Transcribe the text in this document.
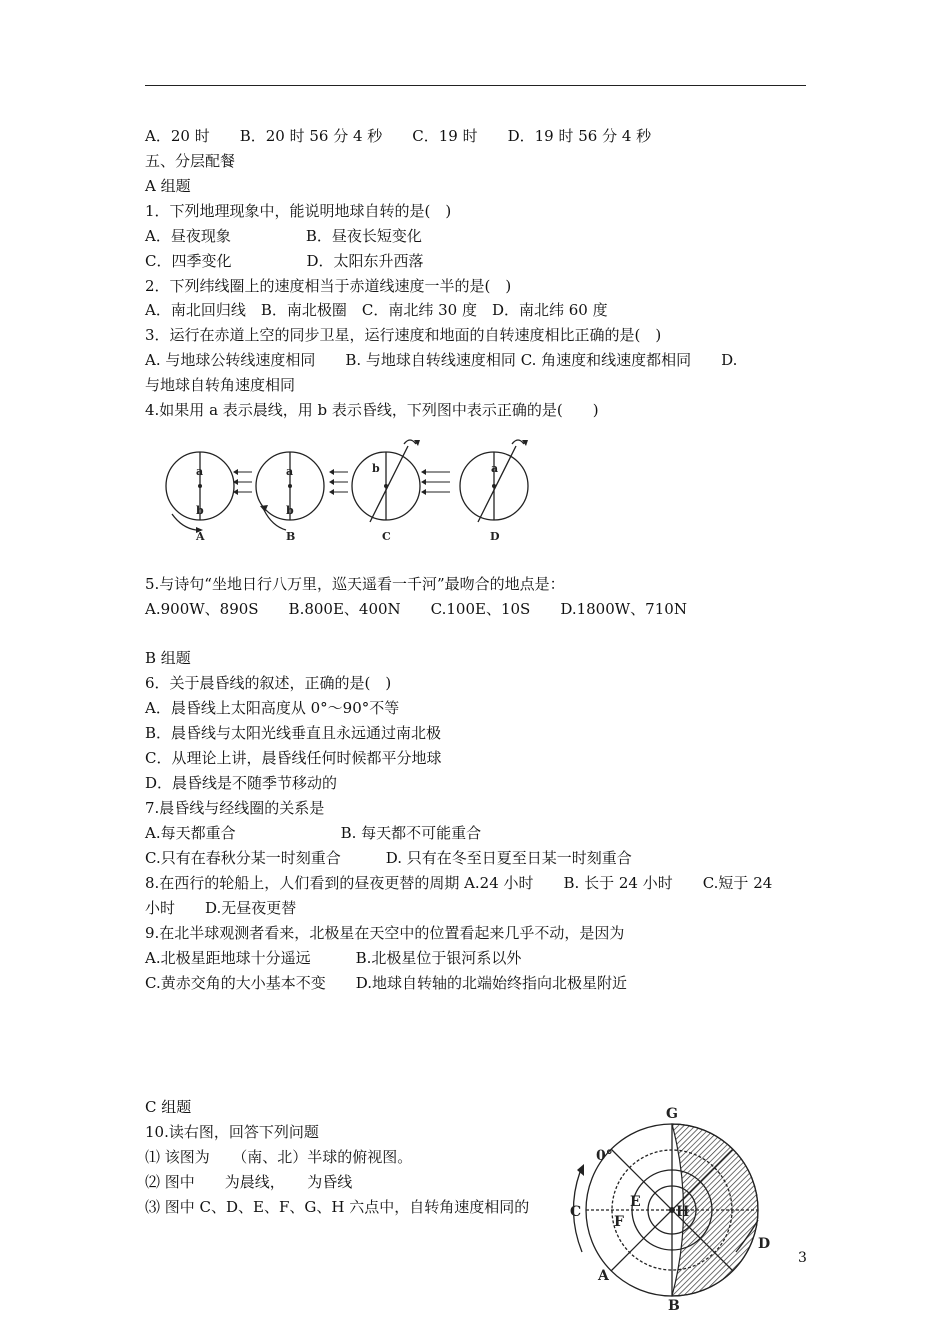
A．20 时　　B．20 时 56 分 4 秒　　C．19 时　　D．19 时 56 分 4 秒
五、分层配餐
A 组题
1．下列地理现象中，能说明地球自转的是(　)
A．昼夜现象　　　　　B．昼夜长短变化
C．四季变化　　　　　D．太阳东升西落
2．下列纬线圈上的速度相当于赤道线速度一半的是(　)
A．南北回归线　B．南北极圈　C．南北纬 30 度　D．南北纬 60 度
3．运行在赤道上空的同步卫星，运行速度和地面的自转速度相比正确的是(　)
A. 与地球公转线速度相同　　B. 与地球自转线速度相同 C. 角速度和线速度都相同　　D.
与地球自转角速度相同
4.如果用 a 表示晨线，用 b 表示昏线，下列图中表示正确的是(　　)
a
b
a
b
b	a
A	B	C	D
5.与诗句“坐地日行八万里，巡天遥看一千河”最吻合的地点是：
A.900W、890S　　B.800E、400N　　C.100E、10S　　D.1800W、710N
B 组题
6．关于晨昏线的叙述，正确的是(　)
A．晨昏线上太阳高度从 0°～90°不等
B．晨昏线与太阳光线垂直且永远通过南北极
C．从理论上讲，晨昏线任何时候都平分地球
D．晨昏线是不随季节移动的
7.晨昏线与经线圈的关系是
A.每天都重合　　　　　　　B. 每天都不可能重合
C.只有在春秋分某一时刻重合　　　D. 只有在冬至日夏至日某一时刻重合
8.在西行的轮船上，人们看到的昼夜更替的周期 A.24 小时　　B. 长于 24 小时　　C.短于 24
小时　　D.无昼夜更替
9.在北半球观测者看来，北极星在天空中的位置看起来几乎不动，是因为
A.北极星距地球十分遥远　　　B.北极星位于银河系以外
C.黄赤交角的大小基本不变　　D.地球自转轴的北端始终指向北极星附近
C 组题
10.读右图，回答下列问题
⑴ 该图为　　（南、北）半球的俯视图。
⑵ 图中　　为晨线，　　为昏线
⑶ 图中 C、D、E、F、G、H 六点中，自转角速度相同的
G
0°
C
E
F
H
D
A
B
3
